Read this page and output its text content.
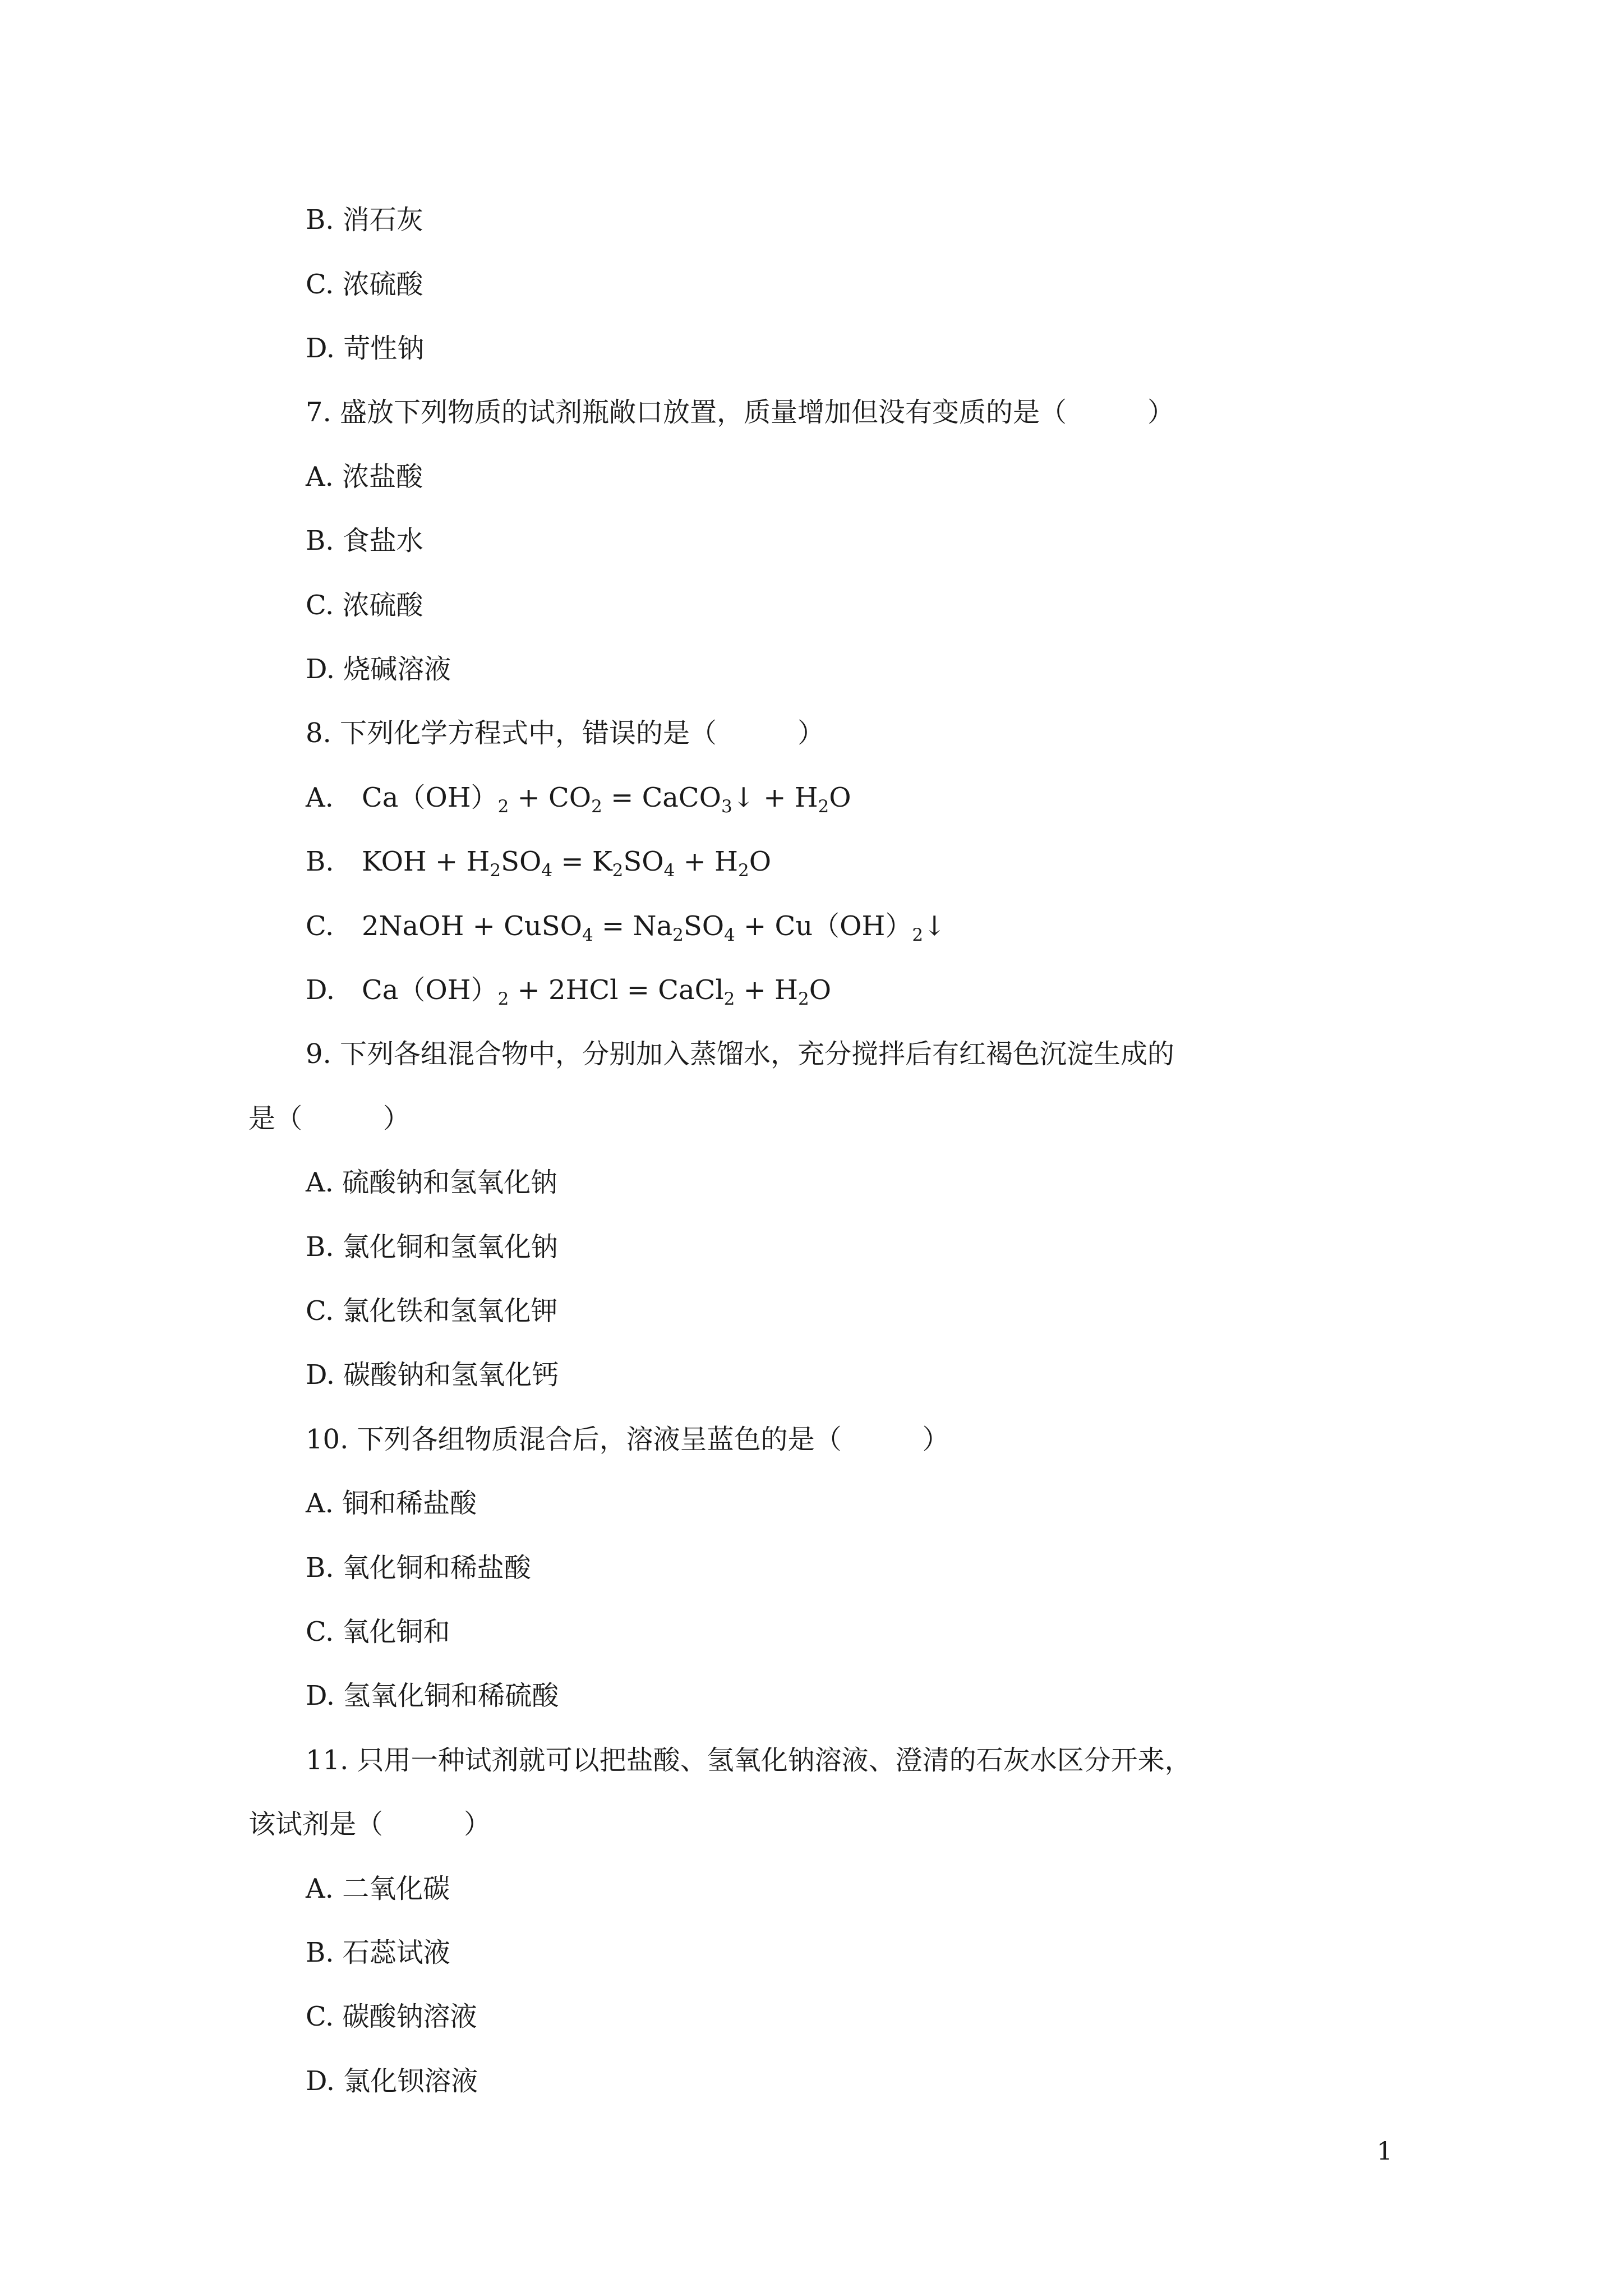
B. 消石灰
C. 浓硫酸
D. 苛性钠
7. 盛放下列物质的试剂瓶敞口放置，质量增加但没有变质的是（　　　）
A. 浓盐酸
B. 食盐水
C. 浓硫酸
D. 烧碱溶液
8. 下列化学方程式中，错误的是（　　　）
A. $Ca(OH)_2 + CO_2$ = CaCO$_3$↓ + $H_2O$
B. KOH + $H_2SO_4 = K_2SO_4 + H_2O$
C. 2NaOH + CuSO$_4$ = $Na_2SO_4$ + $Cu(OH)_2↓$
D. $Ca(OH)_2 + 2HCl$ = CaCl$_2$ + $H_2O$
9. 下列各组混合物中，分别加入蒸馏水，充分搅拌后有红褐色沉淀生成的
是（　　　）
A. 硫酸钠和氢氧化钠
B. 氯化铜和氢氧化钠
C. 氯化铁和氢氧化钾
D. 碳酸钠和氢氧化钙
10. 下列各组物质混合后，溶液呈蓝色的是（　　　）
A. 铜和稀盐酸
B. 氧化铜和稀盐酸
C. 氧化铜和
D. 氢氧化铜和稀硫酸
11. 只用一种试剂就可以把盐酸、氢氧化钠溶液、澄清的石灰水区分开来，
该试剂是（　　　）
A. 二氧化碳
B. 石蕊试液
C. 碳酸钠溶液
D. 氯化钡溶液
1
